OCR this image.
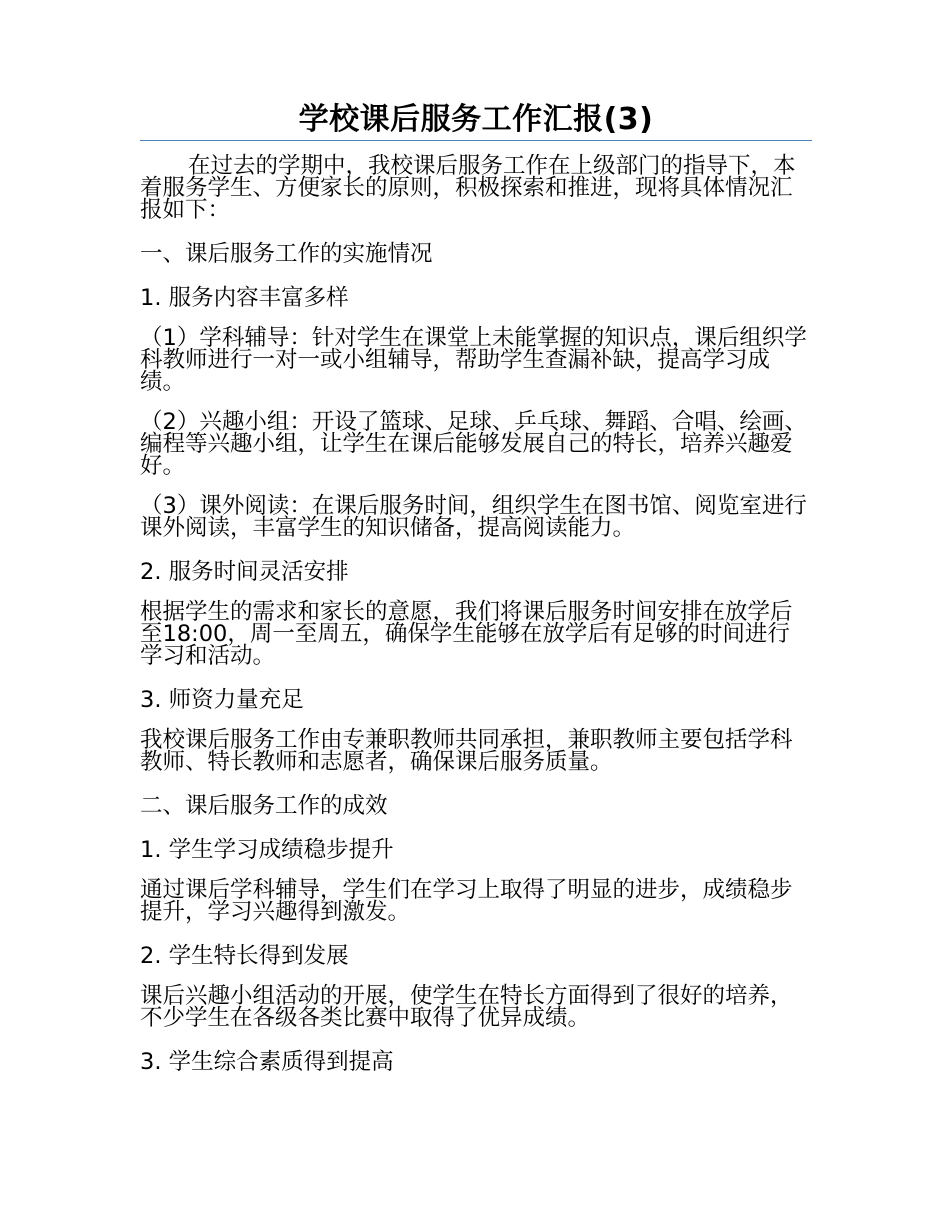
学校课后服务工作汇报(3)

在过去的学期中，我校课后服务工作在上级部门的指导下，本着服务学生、方便家长的原则，积极探索和推进，现将具体情况汇报如下：

一、课后服务工作的实施情况

1. 服务内容丰富多样

（1）学科辅导：针对学生在课堂上未能掌握的知识点，课后组织学科教师进行一对一或小组辅导，帮助学生查漏补缺，提高学习成绩。

（2）兴趣小组：开设了篮球、足球、乒乓球、舞蹈、合唱、绘画、编程等兴趣小组，让学生在课后能够发展自己的特长，培养兴趣爱好。

（3）课外阅读：在课后服务时间，组织学生在图书馆、阅览室进行课外阅读，丰富学生的知识储备，提高阅读能力。

2. 服务时间灵活安排

根据学生的需求和家长的意愿，我们将课后服务时间安排在放学后至18:00，周一至周五，确保学生能够在放学后有足够的时间进行学习和活动。

3. 师资力量充足

我校课后服务工作由专兼职教师共同承担，兼职教师主要包括学科教师、特长教师和志愿者，确保课后服务质量。

二、课后服务工作的成效

1. 学生学习成绩稳步提升

通过课后学科辅导，学生们在学习上取得了明显的进步，成绩稳步提升，学习兴趣得到激发。

2. 学生特长得到发展

课后兴趣小组活动的开展，使学生在特长方面得到了很好的培养，不少学生在各级各类比赛中取得了优异成绩。

3. 学生综合素质得到提高
